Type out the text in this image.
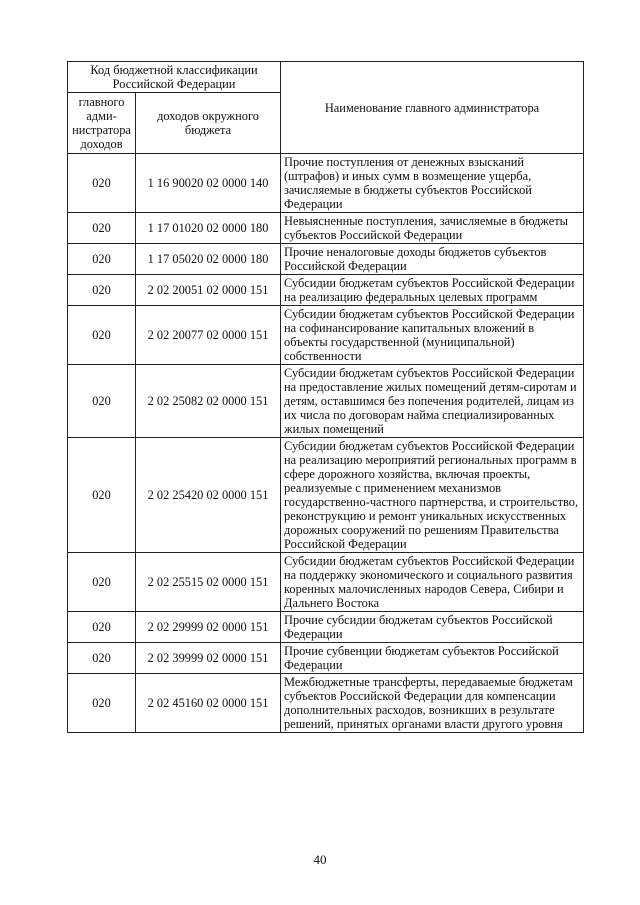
Код бюджетной классификации Российской Федерации		Наименование главного администратора
главного адми-нистратора доходов	доходов окружного бюджета	
020	1 16 90020 02 0000 140	Прочие поступления от денежных взысканий (штрафов) и иных сумм в возмещение ущерба, зачисляемые в бюджеты субъектов Российской Федерации
020	1 17 01020 02 0000 180	Невыясненные поступления, зачисляемые в бюджеты субъектов Российской Федерации
020	1 17 05020 02 0000 180	Прочие неналоговые доходы бюджетов субъектов Российской Федерации
020	2 02 20051 02 0000 151	Субсидии бюджетам субъектов Российской Федерации на реализацию федеральных целевых программ
020	2 02 20077 02 0000 151	Субсидии бюджетам субъектов Российской Федерации на софинансирование капитальных вложений в объекты государственной (муниципальной) собственности
020	2 02 25082 02 0000 151	Субсидии бюджетам субъектов Российской Федерации на предоставление жилых помещений детям-сиротам и детям, оставшимся без попечения родителей, лицам из их числа по договорам найма специализированных жилых помещений
020	2 02 25420 02 0000 151	Субсидии бюджетам субъектов Российской Федерации на реализацию мероприятий региональных программ в сфере дорожного хозяйства, включая проекты, реализуемые с применением механизмов государственно-частного партнерства, и строительство, реконструкцию и ремонт уникальных искусственных дорожных сооружений по решениям Правительства Российской Федерации
020	2 02 25515 02 0000 151	Субсидии бюджетам субъектов Российской Федерации на поддержку экономического и социального развития коренных малочисленных народов Севера, Сибири и Дальнего Востока
020	2 02 29999 02 0000 151	Прочие субсидии бюджетам субъектов Российской Федерации
020	2 02 39999 02 0000 151	Прочие субвенции бюджетам субъектов Российской Федерации
020	2 02 45160 02 0000 151	Межбюджетные трансферты, передаваемые бюджетам субъектов Российской Федерации для компенсации дополнительных расходов, возникших в результате решений, принятых органами власти другого уровня
40
